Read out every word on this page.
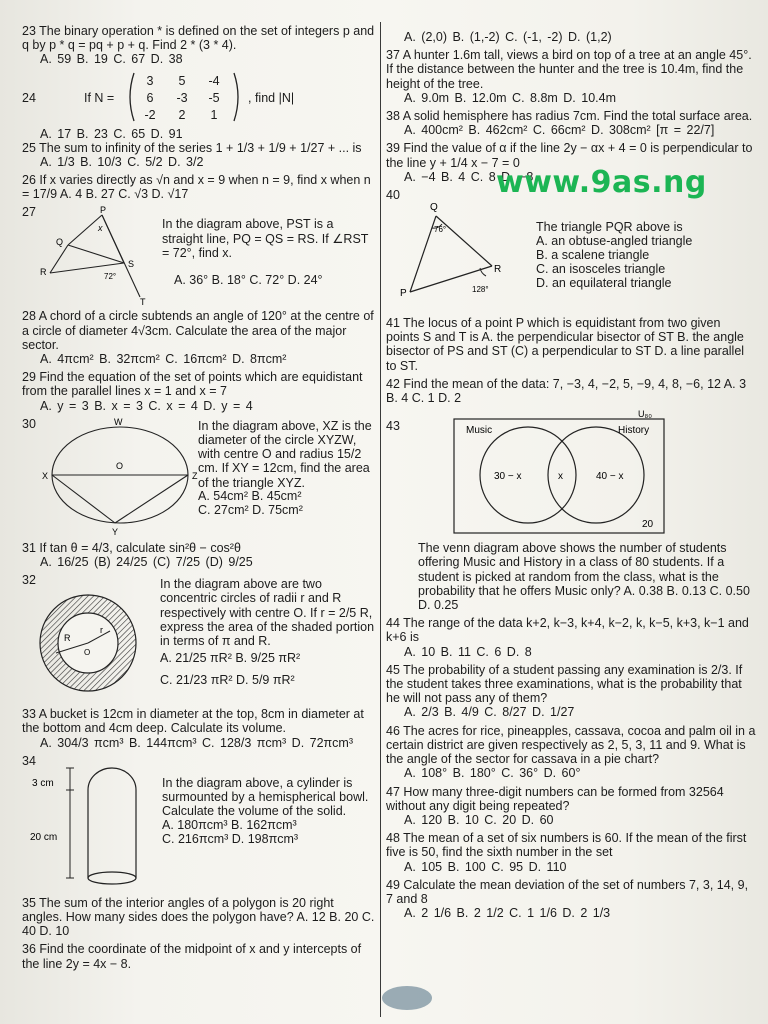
23 The binary operation * is defined on the set of integers p and q by p * q = pq + p + q. Find 2 * (3 * 4).
A. 59 B. 19 C. 67 D. 38
24	If N =
3	5	-4
6	-3	-5
-2	2	1
, find |N|
A. 17 B. 23 C. 65 D. 91
25 The sum to infinity of the series 1 + 1/3 + 1/9 + 1/27 + ... is
A. 1/3 B. 10/3 C. 5/2 D. 3/2
26 If x varies directly as √n and x = 9 when n = 9, find x when n = 17/9 A. 4 B. 27 C. √3 D. √17
27	P
Q
R
S
T
x
72°
In the diagram above, PST is a straight line, PQ = QS = RS. If ∠RST = 72°, find x.
A. 36° B. 18° C. 72° D. 24°
28 A chord of a circle subtends an angle of 120° at the centre of a circle of diameter 4√3cm. Calculate the area of the major sector.
A. 4πcm² B. 32πcm² C. 16πcm² D. 8πcm²
29 Find the equation of the set of points which are equidistant from the parallel lines x = 1 and x = 7
A. y = 3 B. x = 3 C. x = 4 D. y = 4
30	W
O
X	Z
Y
In the diagram above, XZ is the diameter of the circle XYZW, with centre O and radius 15/2 cm. If XY = 12cm, find the area of the triangle XYZ.
A. 54cm² B. 45cm²
C. 27cm² D. 75cm²
31 If tan θ = 4/3, calculate sin²θ − cos²θ
A. 16/25 (B) 24/25 (C) 7/25 (D) 9/25
32
R
r
O
In the diagram above are two concentric circles of radii r and R respectively with centre O. If r = 2/5 R, express the area of the shaded portion in terms of π and R.
A. 21/25 πR² B. 9/25 πR²
C. 21/23 πR² D. 5/9 πR²
33 A bucket is 12cm in diameter at the top, 8cm in diameter at the bottom and 4cm deep. Calculate its volume.
A. 304/3 πcm³ B. 144πcm³ C. 128/3 πcm³ D. 72πcm³
34
3 cm
20 cm
In the diagram above, a cylinder is surmounted by a hemispherical bowl. Calculate the volume of the solid.
A. 180πcm³ B. 162πcm³
C. 216πcm³ D. 198πcm³
35 The sum of the interior angles of a polygon is 20 right angles. How many sides does the polygon have? A. 12 B. 20 C. 40 D. 10
36 Find the coordinate of the midpoint of x and y intercepts of the line 2y = 4x − 8.
A. (2,0) B. (1,-2) C. (-1, -2) D. (1,2)
37 A hunter 1.6m tall, views a bird on top of a tree at an angle 45°. If the distance between the hunter and the tree is 10.4m, find the height of the tree.
A. 9.0m B. 12.0m C. 8.8m D. 10.4m
38 A solid hemisphere has radius 7cm. Find the total surface area.
A. 400cm² B. 462cm² C. 66cm² D. 308cm² [π = 22/7]
39 Find the value of α if the line 2y − αx + 4 = 0 is perpendicular to the line y + 1/4 x − 7 = 0
A. −4 B. 4 C. 8 D. −8
40
Q
R
P
76°
128°
www.9as.ng
The triangle PQR above is
A. an obtuse-angled triangle
B. a scalene triangle
C. an isosceles triangle
D. an equilateral triangle
41 The locus of a point P which is equidistant from two given points S and T is A. the perpendicular bisector of ST B. the angle bisector of PS and ST (C) a perpendicular to ST D. a line parallel to ST.
42 Find the mean of the data: 7, −3, 4, −2, 5, −9, 4, 8, −6, 12 A. 3 B. 4 C. 1 D. 2
43
U₈₀
Music	History
30 − x	x	40 − x
20
The venn diagram above shows the number of students offering Music and History in a class of 80 students. If a student is picked at random from the class, what is the probability that he offers Music only? A. 0.38 B. 0.13 C. 0.50 D. 0.25
44 The range of the data k+2, k−3, k+4, k−2, k, k−5, k+3, k−1 and k+6 is
A. 10 B. 11 C. 6 D. 8
45 The probability of a student passing any examination is 2/3. If the student takes three examinations, what is the probability that he will not pass any of them?
A. 2/3 B. 4/9 C. 8/27 D. 1/27
46 The acres for rice, pineapples, cassava, cocoa and palm oil in a certain district are given respectively as 2, 5, 3, 11 and 9. What is the angle of the sector for cassava in a pie chart?
A. 108° B. 180° C. 36° D. 60°
47 How many three-digit numbers can be formed from 32564 without any digit being repeated?
A. 120 B. 10 C. 20 D. 60
48 The mean of a set of six numbers is 60. If the mean of the first five is 50, find the sixth number in the set
A. 105 B. 100 C. 95 D. 110
49 Calculate the mean deviation of the set of numbers 7, 3, 14, 9, 7 and 8
A. 2 1/6 B. 2 1/2 C. 1 1/6 D. 2 1/3
